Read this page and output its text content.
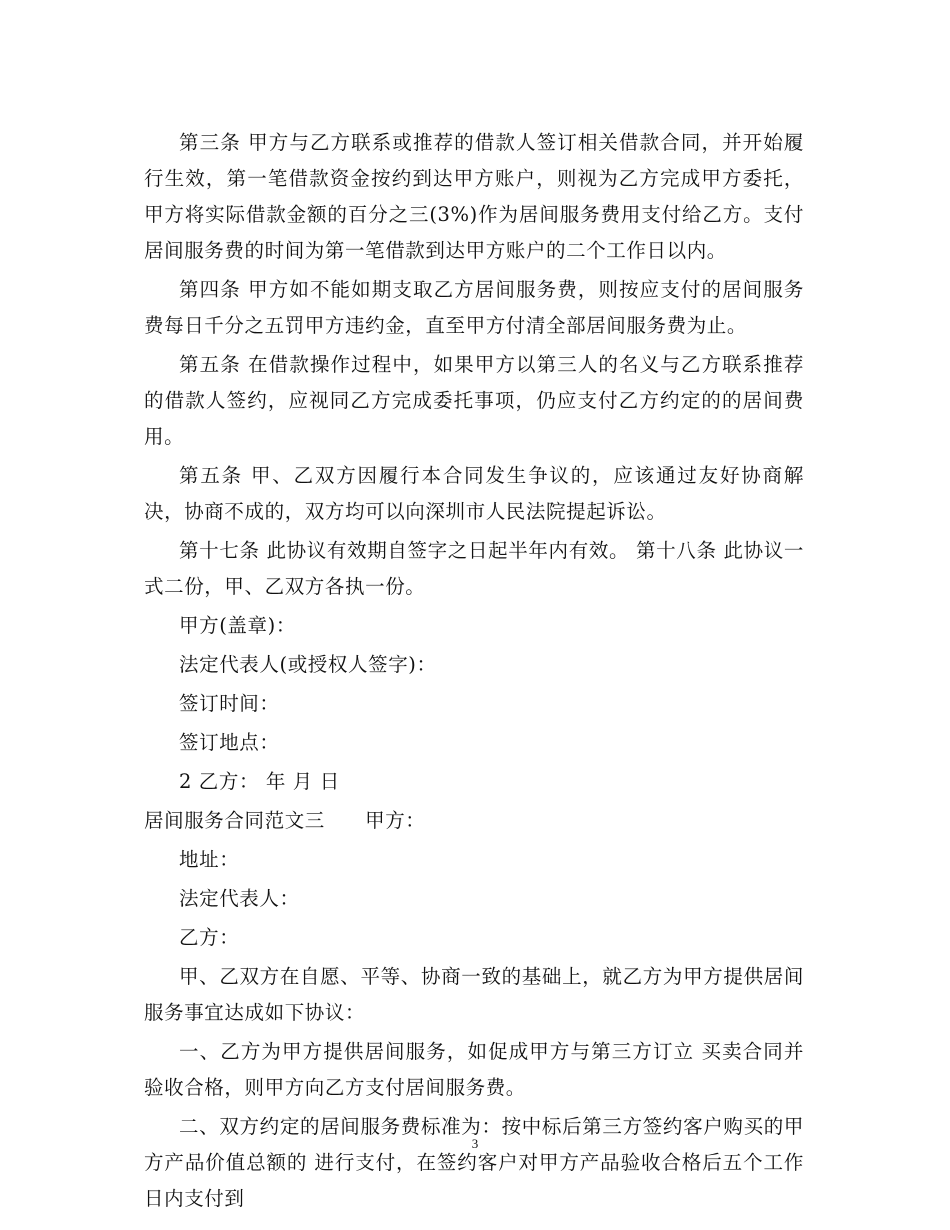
第三条 甲方与乙方联系或推荐的借款人签订相关借款合同，并开始履行生效，第一笔借款资金按约到达甲方账户，则视为乙方完成甲方委托，甲方将实际借款金额的百分之三(3%)作为居间服务费用支付给乙方。支付居间服务费的时间为第一笔借款到达甲方账户的二个工作日以内。

第四条 甲方如不能如期支取乙方居间服务费，则按应支付的居间服务费每日千分之五罚甲方违约金，直至甲方付清全部居间服务费为止。

第五条 在借款操作过程中，如果甲方以第三人的名义与乙方联系推荐的借款人签约，应视同乙方完成委托事项，仍应支付乙方约定的的居间费用。

第五条 甲、乙双方因履行本合同发生争议的，应该通过友好协商解决，协商不成的，双方均可以向深圳市人民法院提起诉讼。

第十七条 此协议有效期自签字之日起半年内有效。 第十八条 此协议一式二份，甲、乙双方各执一份。

甲方(盖章)：

法定代表人(或授权人签字)：

签订时间：

签订地点：

2 乙方： 年 月 日

居间服务合同范文三　　甲方：

地址：

法定代表人：

乙方：

甲、乙双方在自愿、平等、协商一致的基础上，就乙方为甲方提供居间服务事宜达成如下协议：

一、乙方为甲方提供居间服务，如促成甲方与第三方订立 买卖合同并验收合格，则甲方向乙方支付居间服务费。

二、双方约定的居间服务费标准为：按中标后第三方签约客户购买的甲方产品价值总额的 进行支付，在签约客户对甲方产品验收合格后五个工作日内支付到

3
